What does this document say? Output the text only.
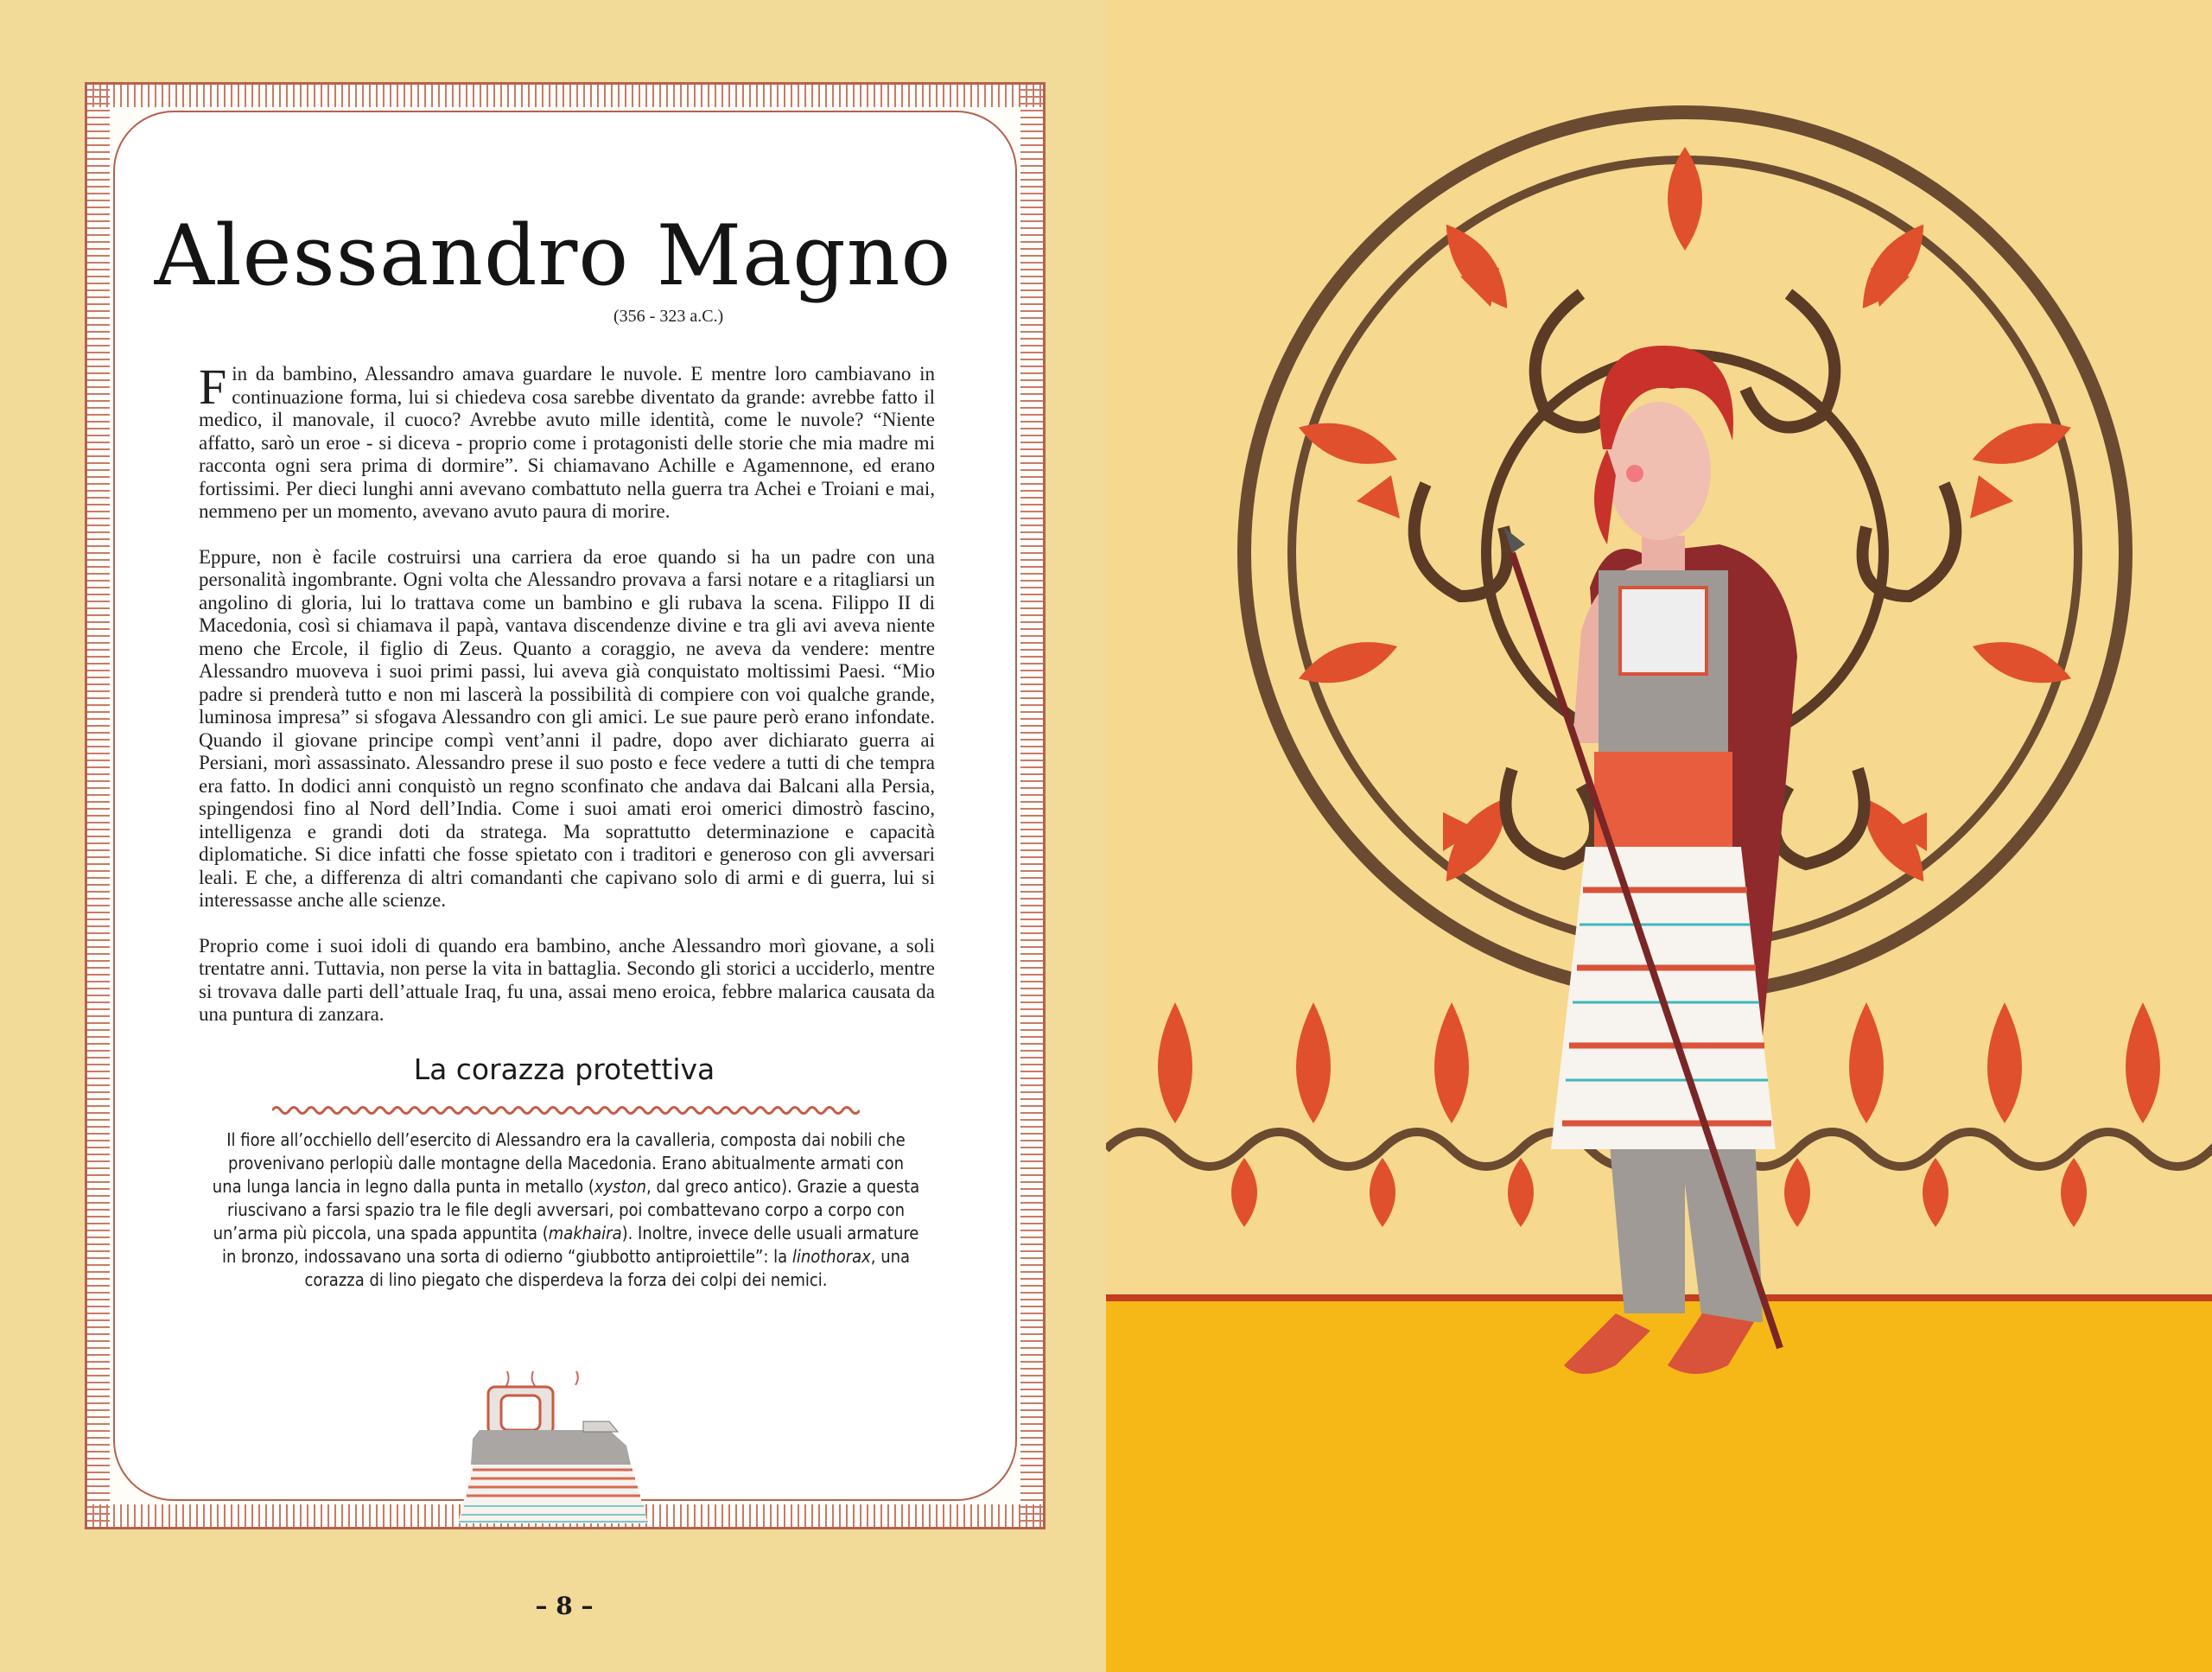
Alessandro Magno
(356 - 323 a.C.)

Fin da bambino, Alessandro amava guardare le nuvole. E mentre loro cambiavano in continuazione forma, lui si chiedeva cosa sarebbe diventato da grande: avrebbe fatto il medico, il manovale, il cuoco? Avrebbe avuto mille identità, come le nuvole? “Niente affatto, sarò un eroe - si diceva - proprio come i protagonisti delle storie che mia madre mi racconta ogni sera prima di dormire”. Si chiamavano Achille e Agamennone, ed erano fortissimi. Per dieci lunghi anni avevano combattuto nella guerra tra Achei e Troiani e mai, nemmeno per un momento, avevano avuto paura di morire.

Eppure, non è facile costruirsi una carriera da eroe quando si ha un padre con una personalità ingombrante. Ogni volta che Alessandro provava a farsi notare e a ritagliarsi un angolino di gloria, lui lo trattava come un bambino e gli rubava la scena. Filippo II di Macedonia, così si chiamava il papà, vantava discendenze divine e tra gli avi aveva niente meno che Ercole, il figlio di Zeus. Quanto a coraggio, ne aveva da vendere: mentre Alessandro muoveva i suoi primi passi, lui aveva già conquistato moltissimi Paesi. “Mio padre si prenderà tutto e non mi lascerà la possibilità di compiere con voi qualche grande, luminosa impresa” si sfogava Alessandro con gli amici. Le sue paure però erano infondate. Quando il giovane principe compì vent’anni il padre, dopo aver dichiarato guerra ai Persiani, morì assassinato. Alessandro prese il suo posto e fece vedere a tutti di che tempra era fatto. In dodici anni conquistò un regno sconfinato che andava dai Balcani alla Persia, spingendosi fino al Nord dell’India. Come i suoi amati eroi omerici dimostrò fascino, intelligenza e grandi doti da stratega. Ma soprattutto determinazione e capacità diplomatiche. Si dice infatti che fosse spietato con i traditori e generoso con gli avversari leali. E che, a differenza di altri comandanti che capivano solo di armi e di guerra, lui si interessasse anche alle scienze.

Proprio come i suoi idoli di quando era bambino, anche Alessandro morì giovane, a soli trentatre anni. Tuttavia, non perse la vita in battaglia. Secondo gli storici a ucciderlo, mentre si trovava dalle parti dell’attuale Iraq, fu una, assai meno eroica, febbre malarica causata da una puntura di zanzara.

La corazza protettiva
Il fiore all’occhiello dell’esercito di Alessandro era la cavalleria, composta dai nobili che provenivano perlopiù dalle montagne della Macedonia. Erano abitualmente armati con una lunga lancia in legno dalla punta in metallo (xyston, dal greco antico). Grazie a questa riuscivano a farsi spazio tra le file degli avversari, poi combattevano corpo a corpo con un’arma più piccola, una spada appuntita (makhaira). Inoltre, invece delle usuali armature in bronzo, indossavano una sorta di odierno “giubbotto antiproiettile”: la linothorax, una corazza di lino piegato che disperdeva la forza dei colpi dei nemici.
– 8 –
